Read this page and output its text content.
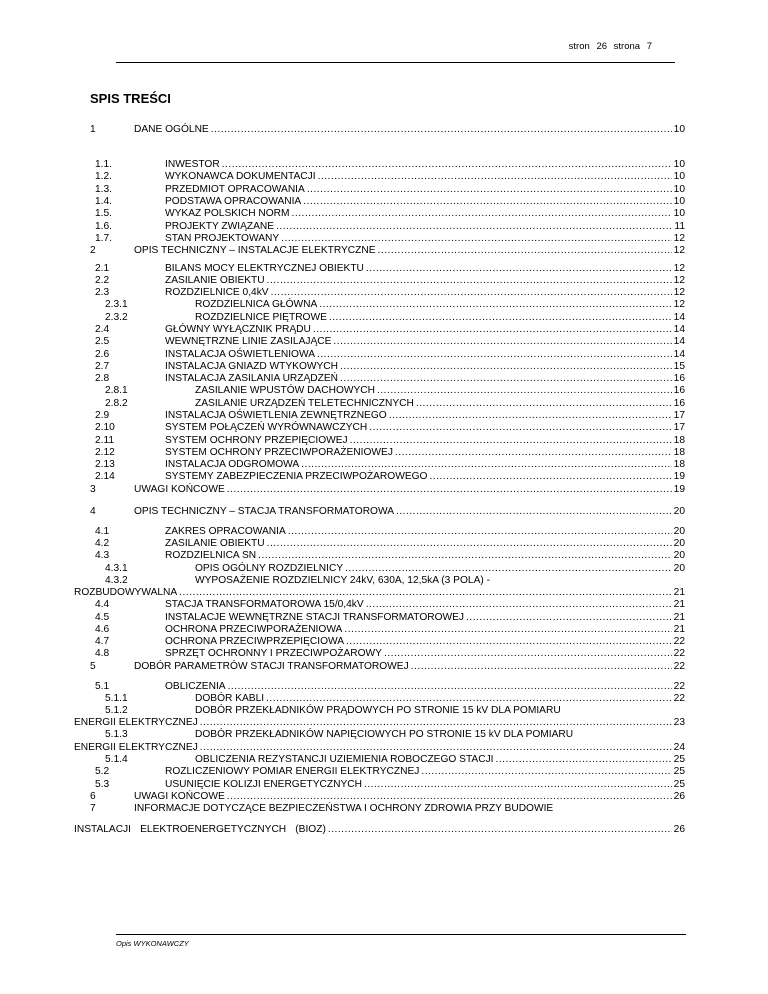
stron 26 strona 7
SPIS TREŚCI
1	DANE OGÓLNE .....	10
1.1.	INWESTOR .....	10
1.2.	WYKONAWCA DOKUMENTACJI .....	10
1.3.	PRZEDMIOT OPRACOWANIA .....	10
1.4.	PODSTAWA OPRACOWANIA .....	10
1.5.	WYKAZ POLSKICH NORM .....	10
1.6.	PROJEKTY ZWIĄZANE .....	11
1.7.	STAN PROJEKTOWANY .....	12
2	OPIS TECHNICZNY – INSTALACJE ELEKTRYCZNE .....	12
2.1	BILANS MOCY ELEKTRYCZNEJ OBIEKTU .....	12
2.2	ZASILANIE OBIEKTU .....	12
2.3	ROZDZIELNICE 0,4kV .....	12
2.3.1	ROZDZIELNICA GŁÓWNA .....	12
2.3.2	ROZDZIELNICE PIĘTROWE .....	14
2.4	GŁÓWNY WYŁĄCZNIK PRĄDU .....	14
2.5	WEWNĘTRZNE LINIE ZASILAJĄCE .....	14
2.6	INSTALACJA OŚWIETLENIOWA .....	14
2.7	INSTALACJA GNIAZD WTYKOWYCH .....	15
2.8	INSTALACJA ZASILANIA URZĄDZEŃ .....	16
2.8.1	ZASILANIE WPUSTÓW DACHOWYCH .....	16
2.8.2	ZASILANIE URZĄDZEŃ TELETECHNICZNYCH .....	16
2.9	INSTALACJA OŚWIETLENIA ZEWNĘTRZNEGO .....	17
2.10	SYSTEM POŁĄCZEŃ WYRÓWNAWCZYCH .....	17
2.11	SYSTEM OCHRONY PRZEPIĘCIOWEJ .....	18
2.12	SYSTEM OCHRONY PRZECIWPORAŻENIOWEJ .....	18
2.13	INSTALACJA ODGROMOWA .....	18
2.14	SYSTEMY ZABEZPIECZENIA PRZECIWPOŻAROWEGO .....	19
3	UWAGI KOŃCOWE .....	19
4	OPIS TECHNICZNY – STACJA TRANSFORMATOROWA .....	20
4.1	ZAKRES OPRACOWANIA .....	20
4.2	ZASILANIE OBIEKTU .....	20
4.3	ROZDZIELNICA SN .....	20
4.3.1	OPIS OGÓLNY ROZDZIELNICY .....	20
4.3.2	WYPOSAŻENIE ROZDZIELNICY 24kV, 630A, 12,5kA (3 POLA) -
ROZBUDOWYWALNA .....	21
4.4	STACJA TRANSFORMATOROWA 15/0,4kV .....	21
4.5	INSTALACJE WEWNĘTRZNE STACJI TRANSFORMATOROWEJ .....	21
4.6	OCHRONA PRZECIWPORAŻENIOWA .....	21
4.7	OCHRONA PRZECIWPRZEPIĘCIOWA .....	22
4.8	SPRZĘT OCHRONNY I PRZECIWPOŻAROWY .....	22
5	DOBÓR PARAMETRÓW STACJI TRANSFORMATOROWEJ .....	22
5.1	OBLICZENIA .....	22
5.1.1	DOBÓR KABLI .....	22
5.1.2	DOBÓR PRZEKŁADNIKÓW PRĄDOWYCH PO STRONIE 15 kV DLA POMIARU
ENERGII ELEKTRYCZNEJ .....	23
5.1.3	DOBÓR PRZEKŁADNIKÓW NAPIĘCIOWYCH PO STRONIE 15 kV DLA POMIARU
ENERGII ELEKTRYCZNEJ .....	24
5.1.4	OBLICZENIA REZYSTANCJI UZIEMIENIA ROBOCZEGO STACJI .....	25
5.2	ROZLICZENIOWY POMIAR ENERGII ELEKTRYCZNEJ .....	25
5.3	USUNIĘCIE KOLIZJI ENERGETYCZNYCH .....	25
6	UWAGI KOŃCOWE .....	26
7	INFORMACJE DOTYCZĄCE BEZPIECZEŃSTWA I OCHRONY ZDROWIA PRZY BUDOWIE
INSTALACJI ELEKTROENERGETYCZNYCH (BIOZ) .....	26
Opis WYKONAWCZY
